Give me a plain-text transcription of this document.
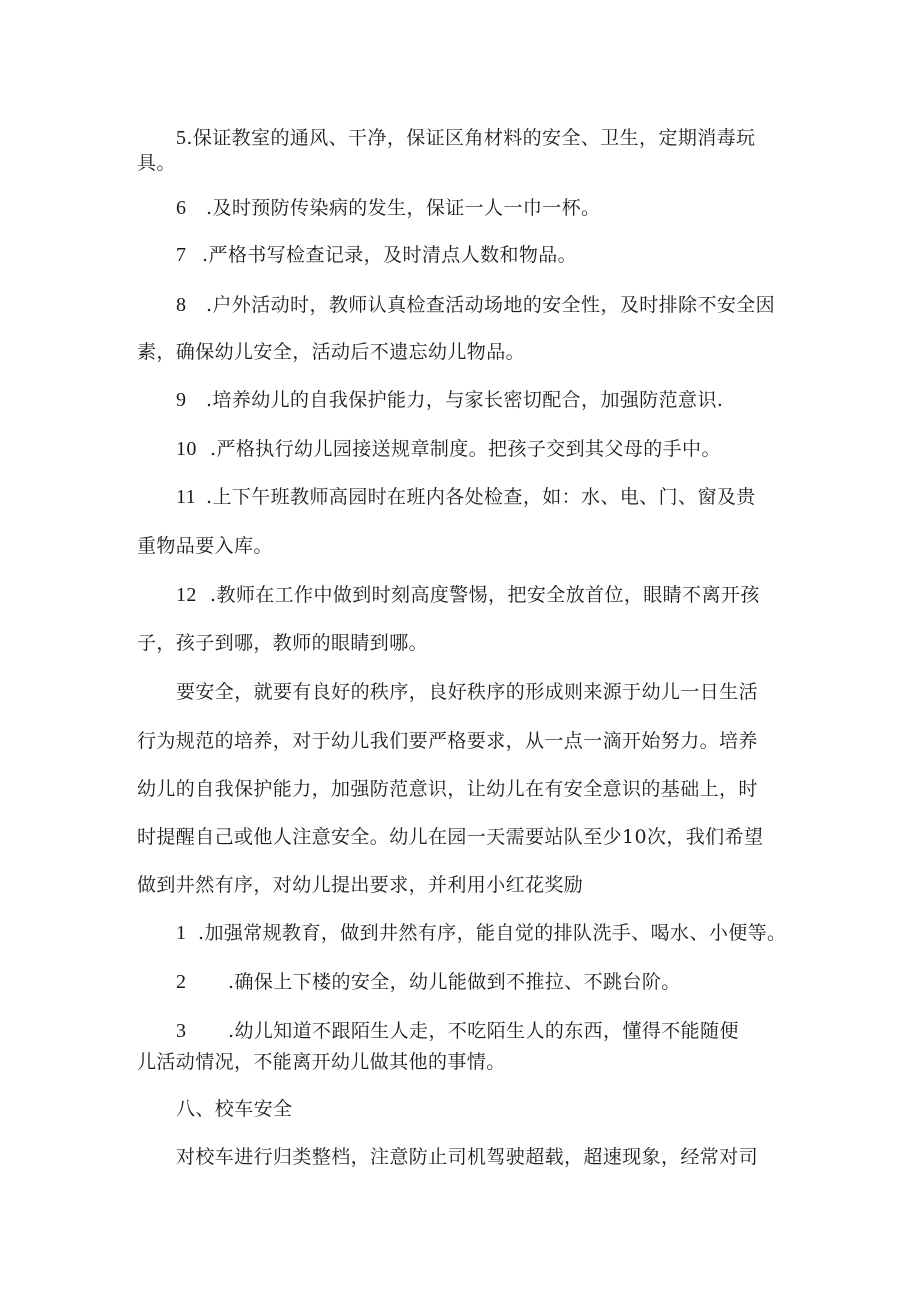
5.保证教室的通风、干净，保证区角材料的安全、卫生，定期消毒玩
具。
6 .及时预防传染病的发生，保证一人一巾一杯。
7 .严格书写检查记录，及时清点人数和物品。
8 .户外活动时，教师认真检查活动场地的安全性，及时排除不安全因
素，确保幼儿安全，活动后不遗忘幼儿物品。
9 .培养幼儿的自我保护能力，与家长密切配合，加强防范意识.
10 .严格执行幼儿园接送规章制度。把孩子交到其父母的手中。
11 .上下午班教师高园时在班内各处检查，如：水、电、门、窗及贵
重物品要入库。
12 .教师在工作中做到时刻高度警惕，把安全放首位，眼睛不离开孩
子，孩子到哪，教师的眼睛到哪。
要安全，就要有良好的秩序，良好秩序的形成则来源于幼儿一日生活
行为规范的培养，对于幼儿我们要严格要求，从一点一滴开始努力。培养
幼儿的自我保护能力，加强防范意识，让幼儿在有安全意识的基础上，时
时提醒自己或他人注意安全。幼儿在园一天需要站队至少10次，我们希望
做到井然有序，对幼儿提出要求，并利用小红花奖励
1 .加强常规教育，做到井然有序，能自觉的排队洗手、喝水、小便等。
2 .确保上下楼的安全，幼儿能做到不推拉、不跳台阶。
3 .幼儿知道不跟陌生人走，不吃陌生人的东西，懂得不能随便
儿活动情况，不能离开幼儿做其他的事情。
八、校车安全
对校车进行归类整档，注意防止司机驾驶超载，超速现象，经常对司
